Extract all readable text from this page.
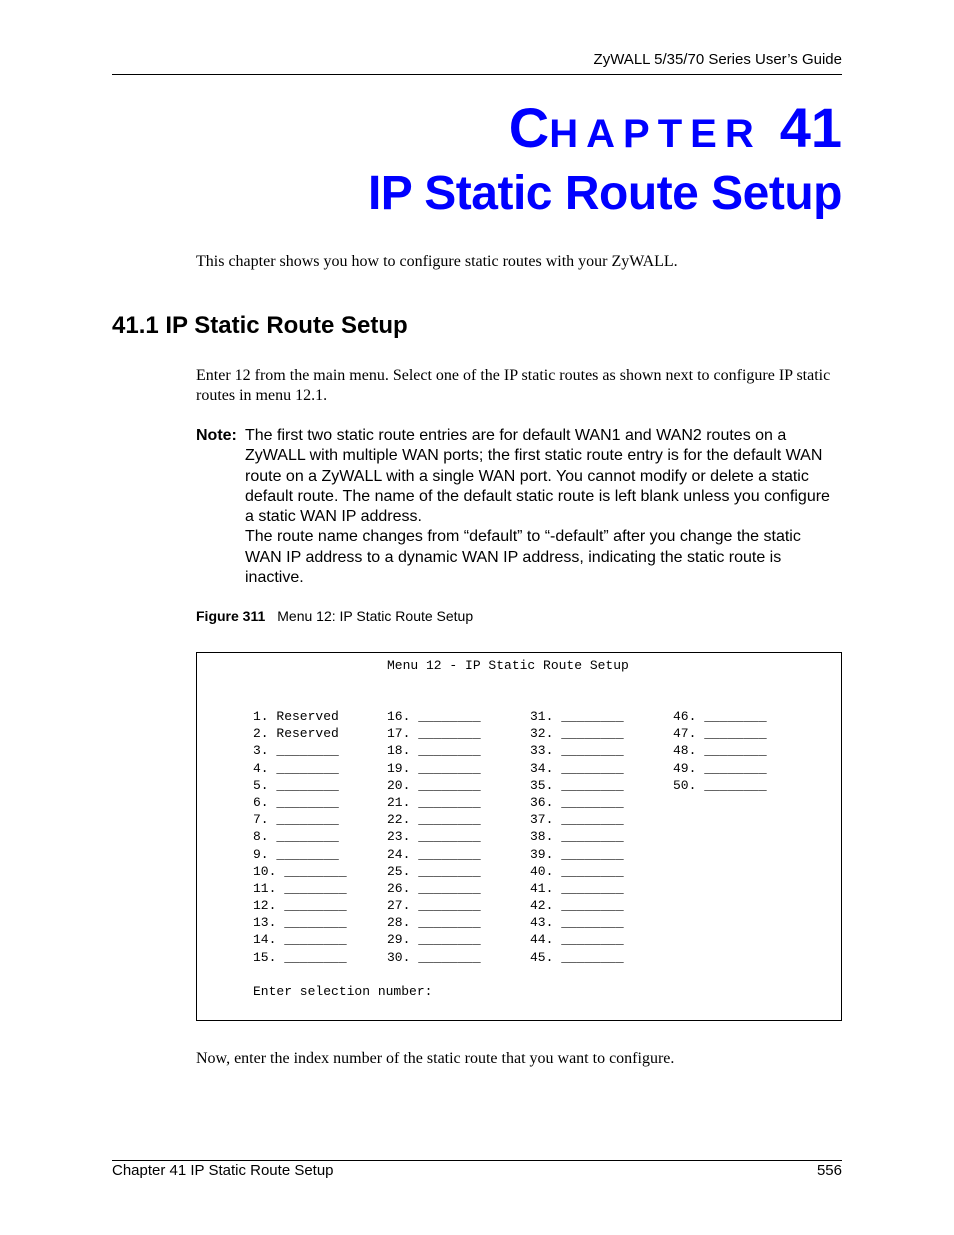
ZyWALL 5/35/70 Series User’s Guide
CHAPTER 41
IP Static Route Setup
This chapter shows you how to configure static routes with your ZyWALL.
41.1 IP Static Route Setup
Enter 12 from the main menu. Select one of the IP static routes as shown next to configure IP static routes in menu 12.1.
Note: The first two static route entries are for default WAN1 and WAN2 routes on a ZyWALL with multiple WAN ports; the first static route entry is for the default WAN route on a ZyWALL with a single WAN port. You cannot modify or delete a static default route. The name of the default static route is left blank unless you configure a static WAN IP address.
The route name changes from “default” to “-default” after you change the static WAN IP address to a dynamic WAN IP address, indicating the static route is inactive.
Figure 311 Menu 12: IP Static Route Setup
Menu 12 - IP Static Route Setup
1. Reserved
2. Reserved
3. ________
4. ________
5. ________
6. ________
7. ________
8. ________
9. ________
10. ________
11. ________
12. ________
13. ________
14. ________
15. ________
16. ________
17. ________
18. ________
19. ________
20. ________
21. ________
22. ________
23. ________
24. ________
25. ________
26. ________
27. ________
28. ________
29. ________
30. ________
31. ________
32. ________
33. ________
34. ________
35. ________
36. ________
37. ________
38. ________
39. ________
40. ________
41. ________
42. ________
43. ________
44. ________
45. ________
46. ________
47. ________
48. ________
49. ________
50. ________
Enter selection number:
Now, enter the index number of the static route that you want to configure.
Chapter 41 IP Static Route Setup	556
